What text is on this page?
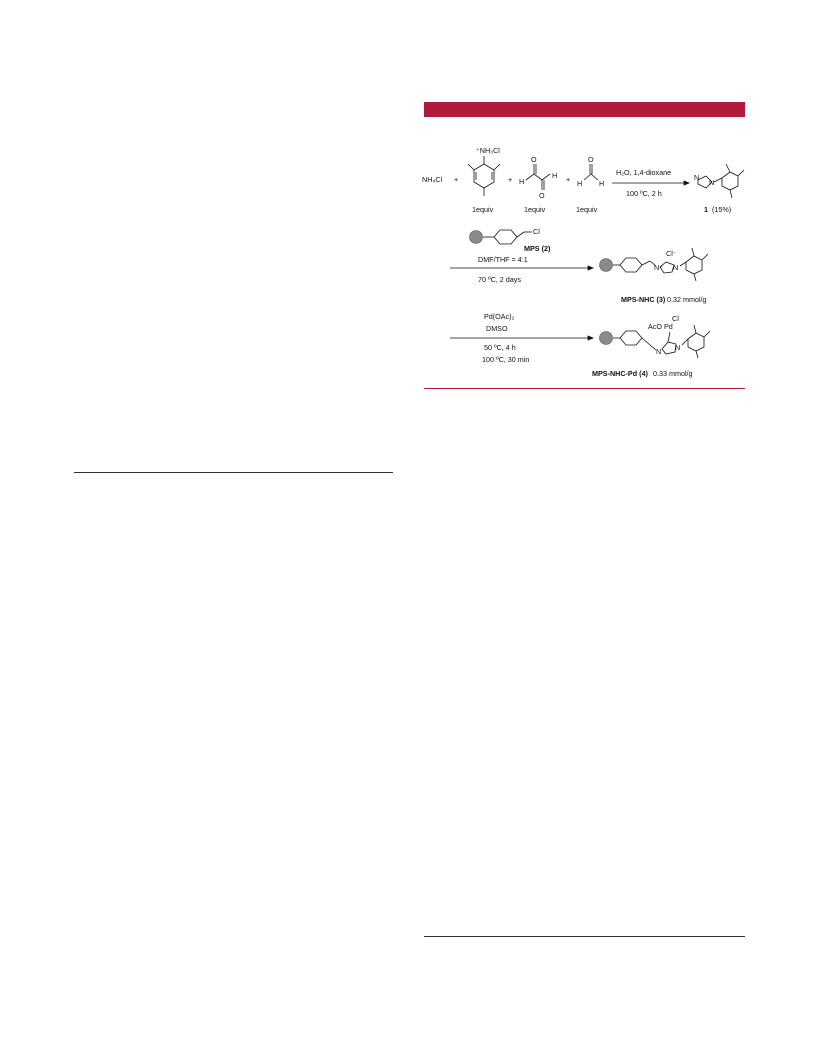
NH₄Cl +
⁺NH₃Cl
1equiv
+ H
H
O
O
1equiv
+ H H
O
1equiv
H₂O, 1,4-dioxane
100 ºC, 2 h
N
N
1 (15%)
Cl
MPS (2)
DMF/THF = 4:1
70 ºC, 2 days
N⁺ N
Cl⁻
MPS-NHC (3) 0.32 mmol/g
Pd(OAc)₂
DMSO
50 ºC, 4 h
100 ºC, 30 min
N N
AcO Pd
Cl
MPS-NHC-Pd (4) 0.33 mmol/g
